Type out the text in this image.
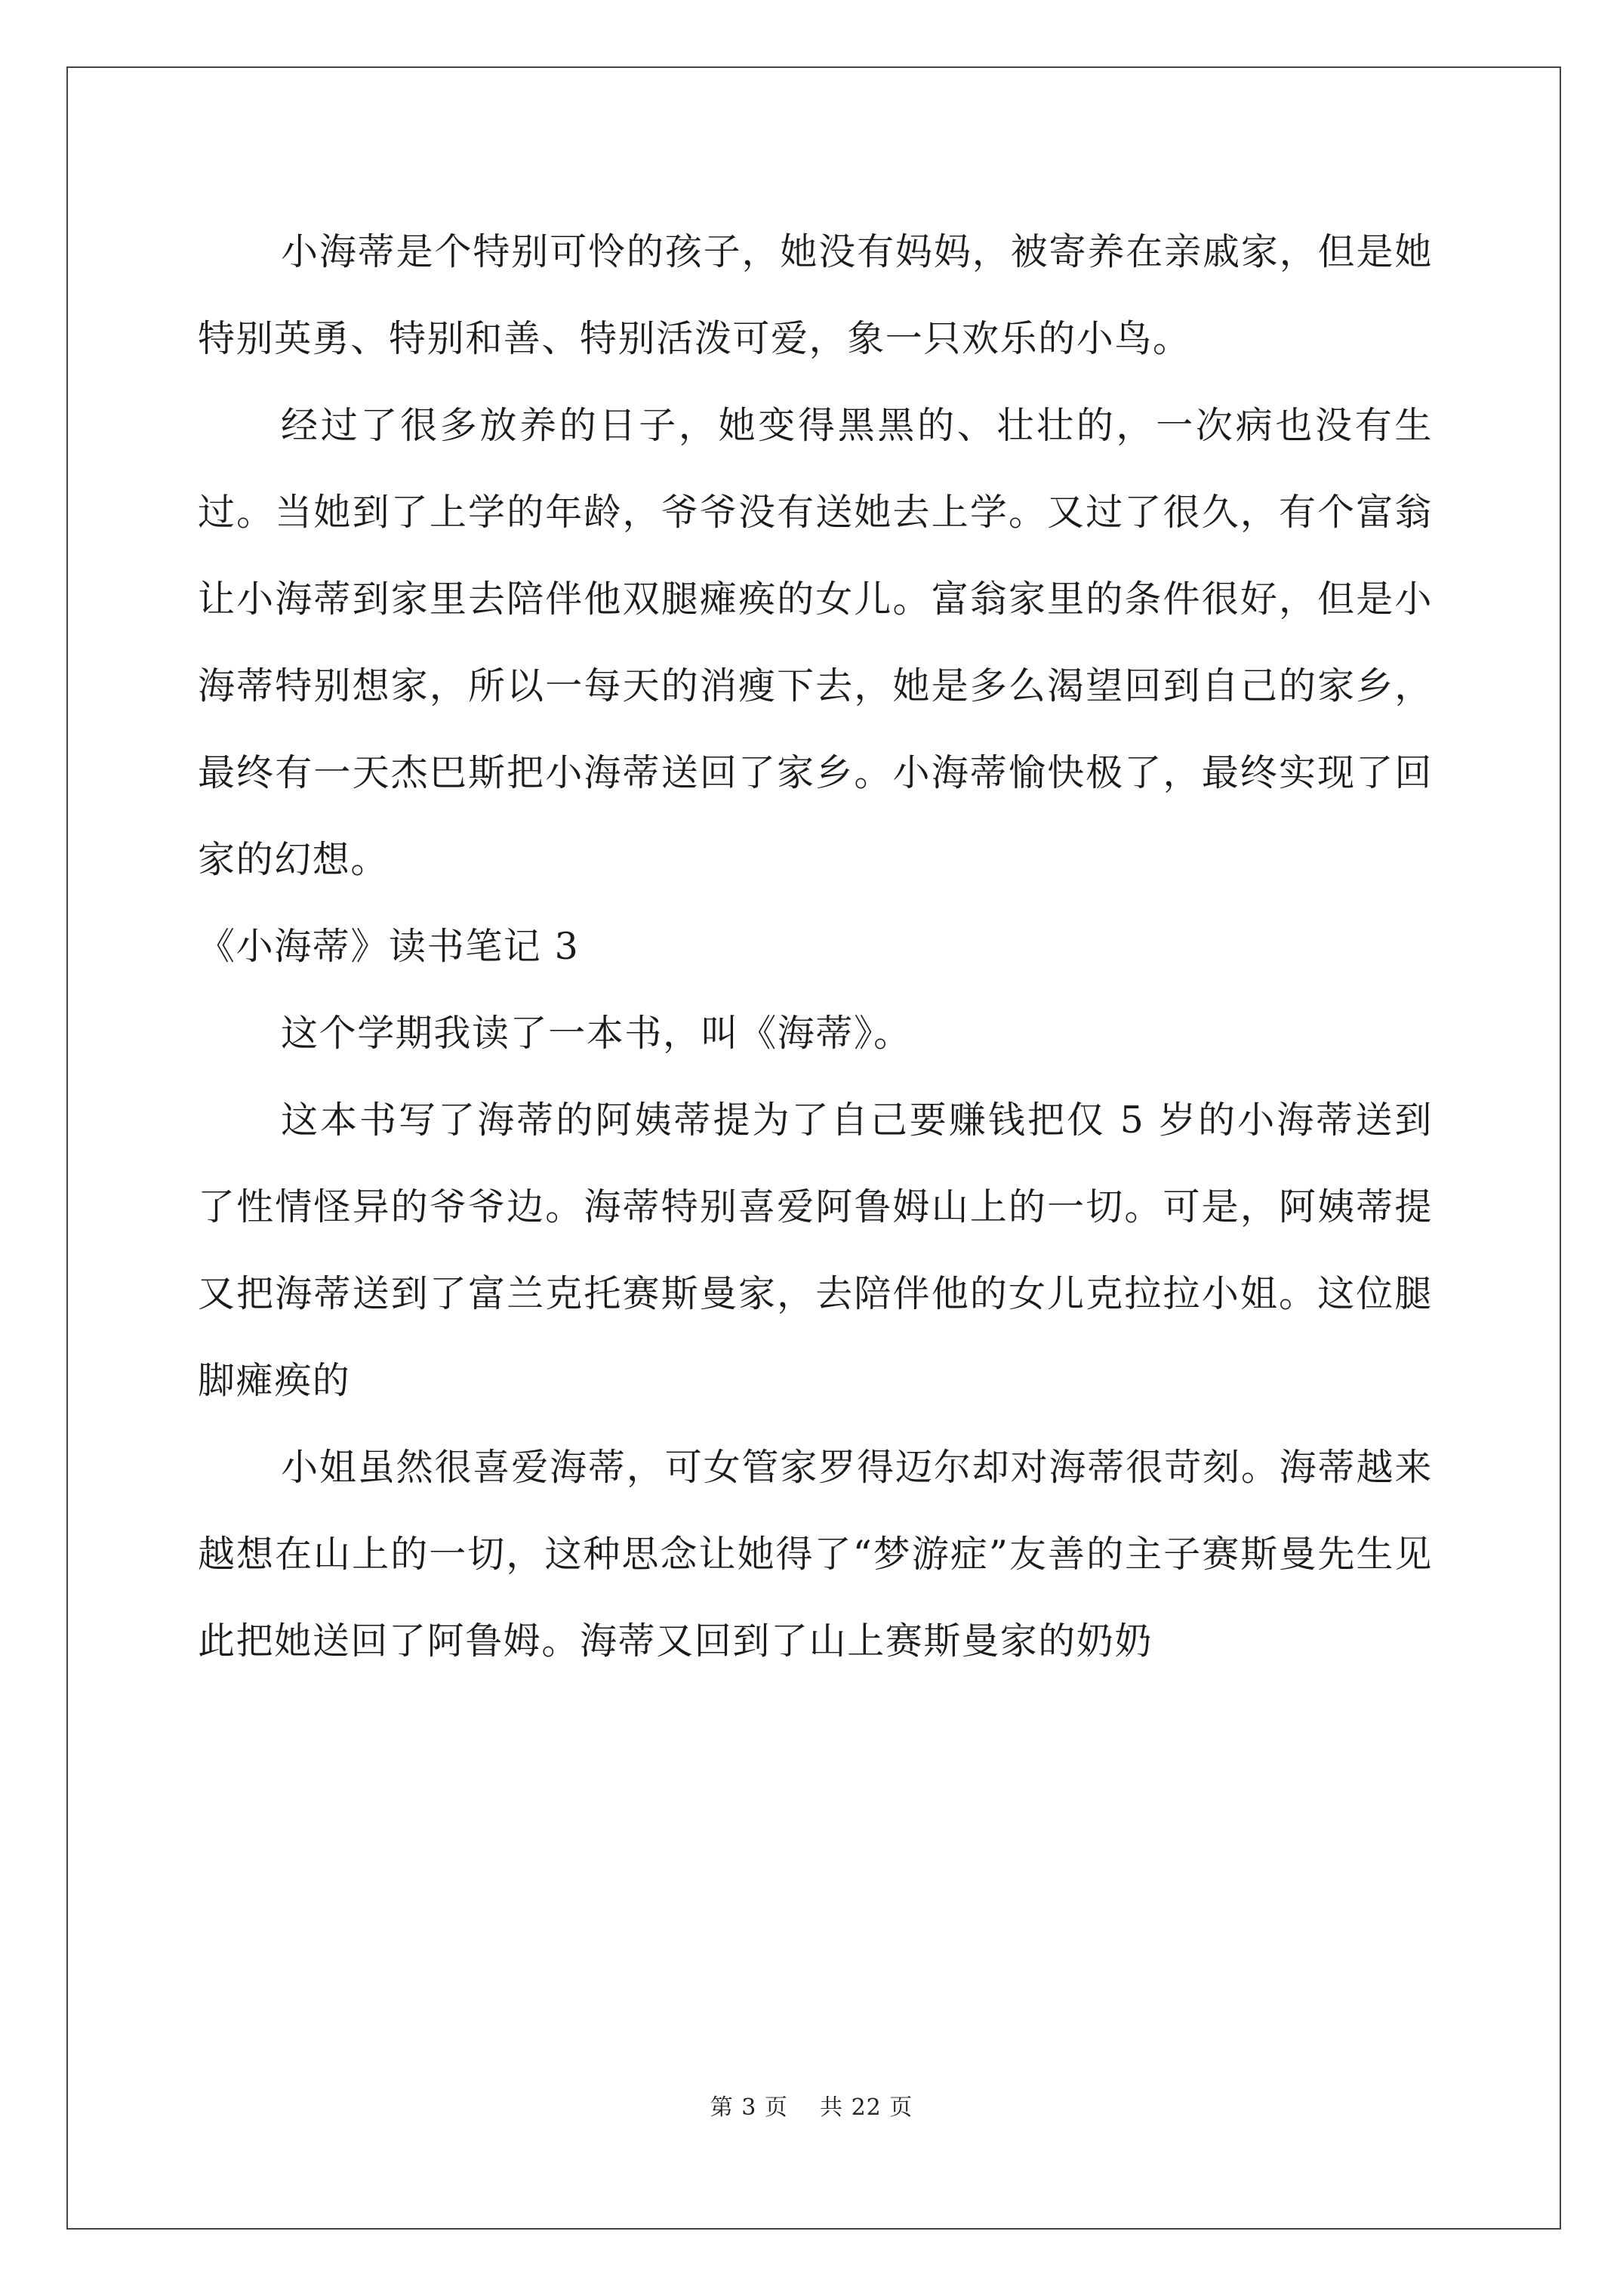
小海蒂是个特别可怜的孩子，她没有妈妈，被寄养在亲戚家，但是她特别英勇、特别和善、特别活泼可爱，象一只欢乐的小鸟。

经过了很多放养的日子，她变得黑黑的、壮壮的，一次病也没有生过。当她到了上学的年龄，爷爷没有送她去上学。又过了很久，有个富翁让小海蒂到家里去陪伴他双腿瘫痪的女儿。富翁家里的条件很好，但是小海蒂特别想家，所以一每天的消瘦下去，她是多么渴望回到自己的家乡，最终有一天杰巴斯把小海蒂送回了家乡。小海蒂愉快极了，最终实现了回家的幻想。

《小海蒂》读书笔记 3

这个学期我读了一本书，叫《海蒂》。

这本书写了海蒂的阿姨蒂提为了自己要赚钱把仅 5 岁的小海蒂送到了性情怪异的爷爷边。海蒂特别喜爱阿鲁姆山上的一切。可是，阿姨蒂提又把海蒂送到了富兰克托赛斯曼家，去陪伴他的女儿克拉拉小姐。这位腿脚瘫痪的

小姐虽然很喜爱海蒂，可女管家罗得迈尔却对海蒂很苛刻。海蒂越来越想在山上的一切，这种思念让她得了“梦游症”友善的主子赛斯曼先生见此把她送回了阿鲁姆。海蒂又回到了山上赛斯曼家的奶奶

第 3 页 共 22 页
